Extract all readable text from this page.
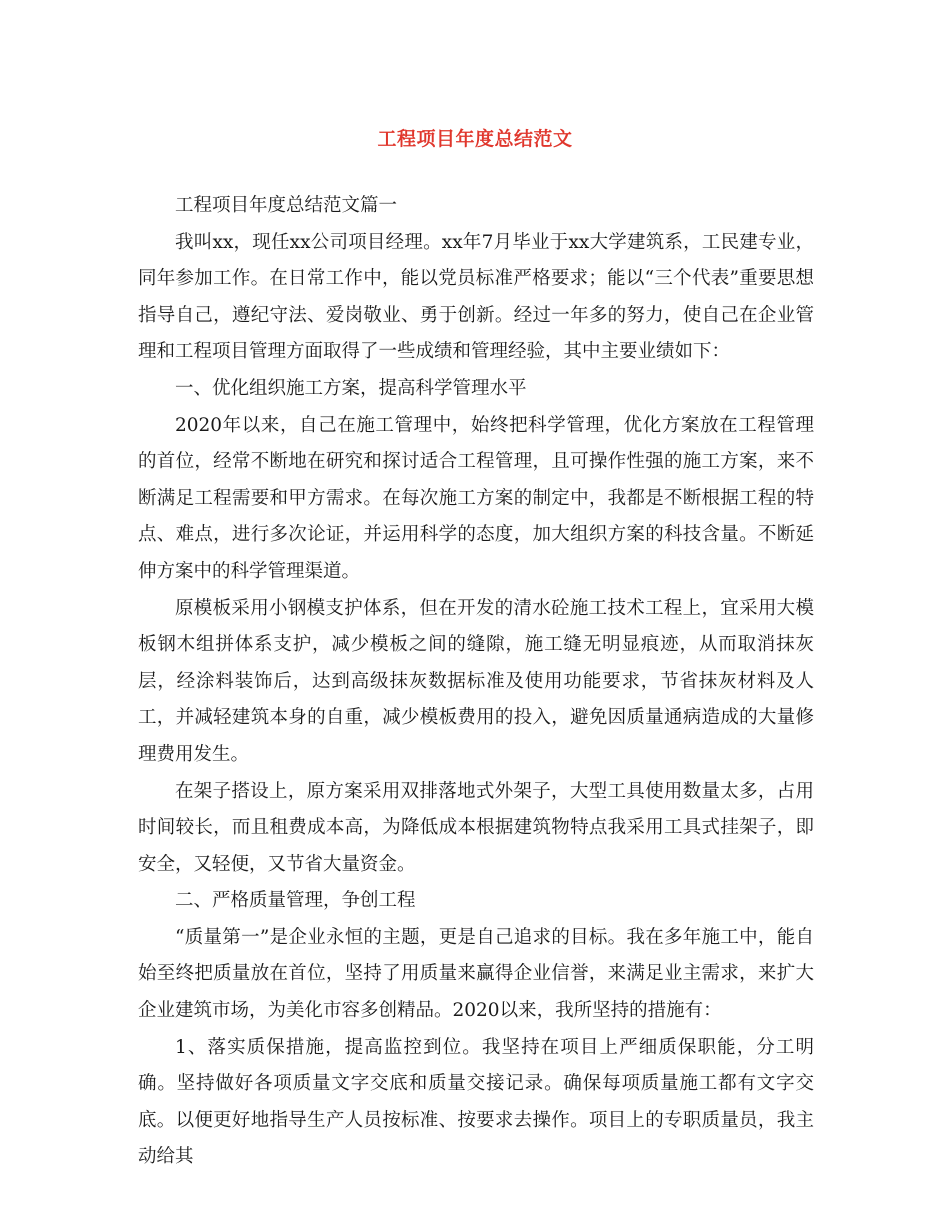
工程项目年度总结范文

工程项目年度总结范文篇一

我叫xx，现任xx公司项目经理。xx年7月毕业于xx大学建筑系，工民建专业，同年参加工作。在日常工作中，能以党员标准严格要求；能以“三个代表”重要思想指导自己，遵纪守法、爱岗敬业、勇于创新。经过一年多的努力，使自己在企业管理和工程项目管理方面取得了一些成绩和管理经验，其中主要业绩如下：

一、优化组织施工方案，提高科学管理水平

2020年以来，自己在施工管理中，始终把科学管理，优化方案放在工程管理的首位，经常不断地在研究和探讨适合工程管理，且可操作性强的施工方案，来不断满足工程需要和甲方需求。在每次施工方案的制定中，我都是不断根据工程的特点、难点，进行多次论证，并运用科学的态度，加大组织方案的科技含量。不断延伸方案中的科学管理渠道。

原模板采用小钢模支护体系，但在开发的清水砼施工技术工程上，宜采用大模板钢木组拼体系支护，减少模板之间的缝隙，施工缝无明显痕迹，从而取消抹灰层，经涂料装饰后，达到高级抹灰数据标准及使用功能要求，节省抹灰材料及人工，并减轻建筑本身的自重，减少模板费用的投入，避免因质量通病造成的大量修理费用发生。

在架子搭设上，原方案采用双排落地式外架子，大型工具使用数量太多，占用时间较长，而且租费成本高，为降低成本根据建筑物特点我采用工具式挂架子，即安全，又轻便，又节省大量资金。

二、严格质量管理，争创工程

“质量第一”是企业永恒的主题，更是自己追求的目标。我在多年施工中，能自始至终把质量放在首位，坚持了用质量来赢得企业信誉，来满足业主需求，来扩大企业建筑市场，为美化市容多创精品。2020以来，我所坚持的措施有：

1、落实质保措施，提高监控到位。我坚持在项目上严细质保职能，分工明确。坚持做好各项质量文字交底和质量交接记录。确保每项质量施工都有文字交底。以便更好地指导生产人员按标准、按要求去操作。项目上的专职质量员，我主动给其
